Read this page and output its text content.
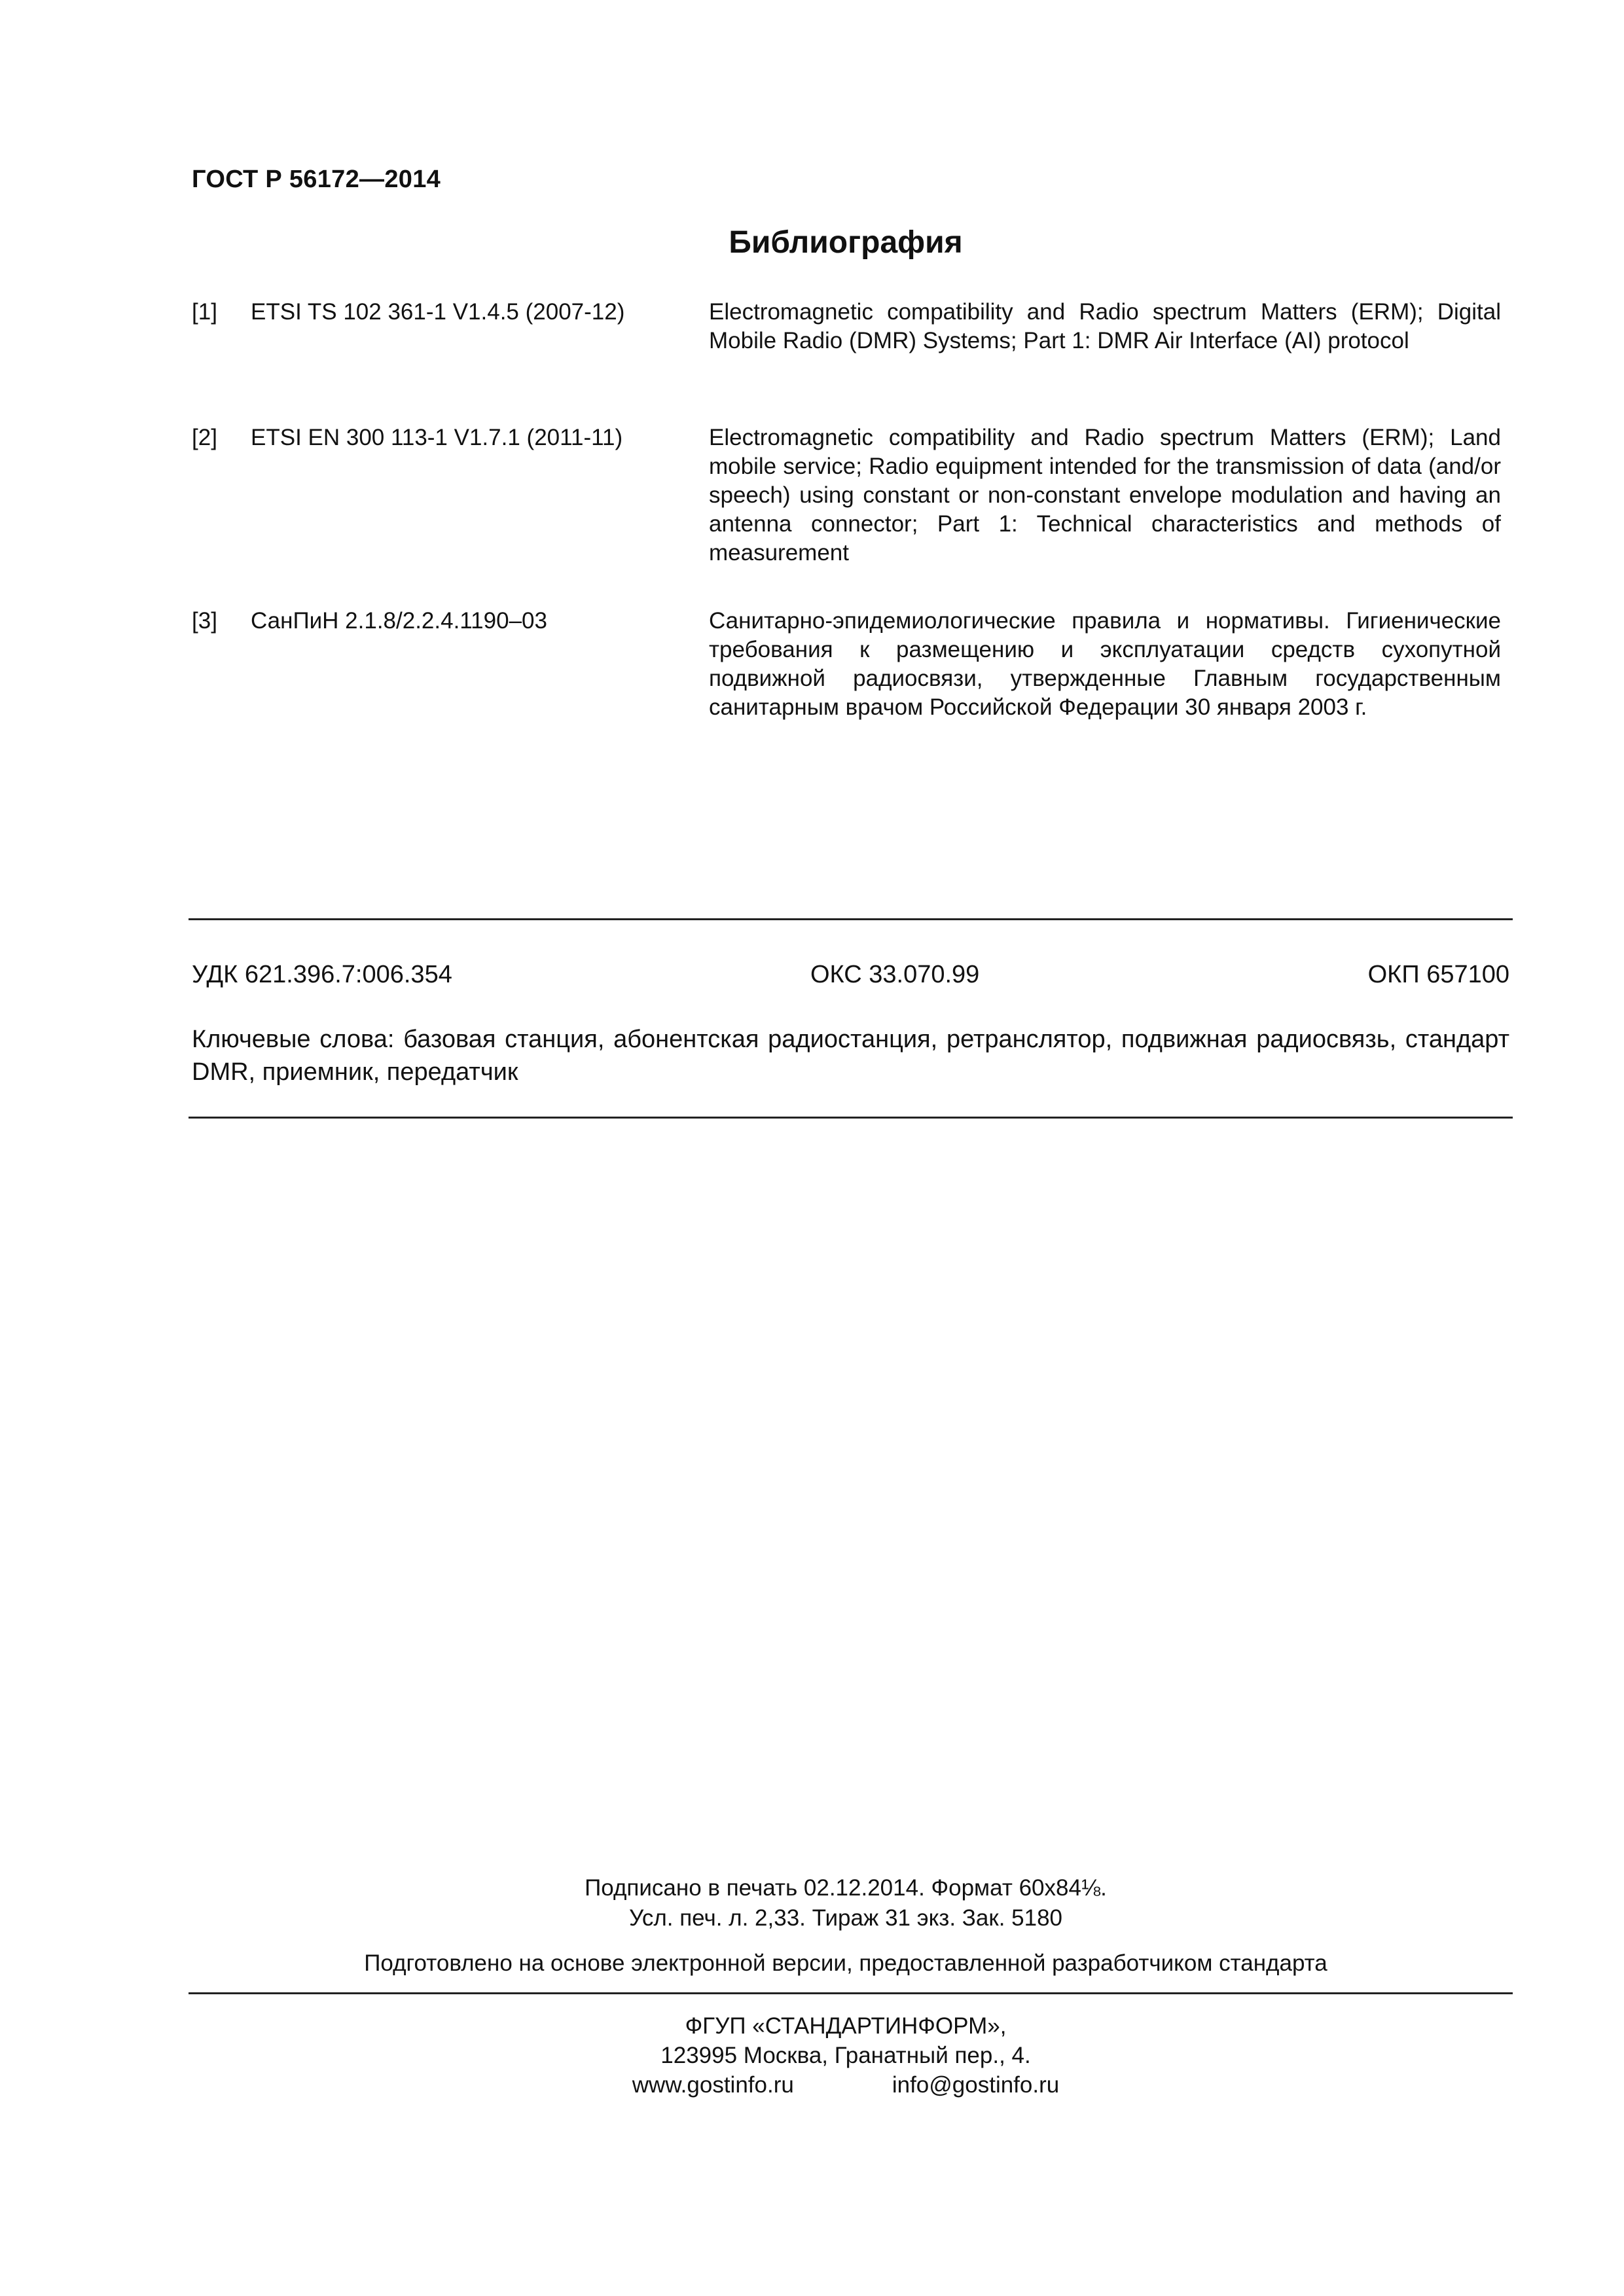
ГОСТ Р 56172—2014
Библиография
[1] ETSI TS 102 361-1 V1.4.5 (2007-12)	Electromagnetic compatibility and Radio spectrum Matters (ERM); Digital Mobile Radio (DMR) Systems; Part 1: DMR Air Interface (AI) protocol
[2] ETSI EN 300 113-1 V1.7.1 (2011-11)	Electromagnetic compatibility and Radio spectrum Matters (ERM); Land mobile service; Radio equipment intended for the transmission of data (and/or speech) using constant or non-constant envelope modulation and having an antenna connector; Part 1: Technical characteristics and methods of measurement
[3] СанПиН 2.1.8/2.2.4.1190–03	Санитарно-эпидемиологические правила и нормативы. Гигиенические требования к размещению и эксплуатации средств сухопутной подвижной радиосвязи, утвержденные Главным государственным санитарным врачом Российской Федерации 30 января 2003 г.
УДК 621.396.7:006.354	ОКС 33.070.99	ОКП 657100
Ключевые слова: базовая станция, абонентская радиостанция, ретранслятор, подвижная радиосвязь, стандарт DMR, приемник, передатчик
Подписано в печать 02.12.2014. Формат 60x84⅛.
Усл. печ. л. 2,33. Тираж 31 экз. Зак. 5180
Подготовлено на основе электронной версии, предоставленной разработчиком стандарта
ФГУП «СТАНДАРТИНФОРМ»,
123995 Москва, Гранатный пер., 4.
www.gostinfo.ru	info@gostinfo.ru
